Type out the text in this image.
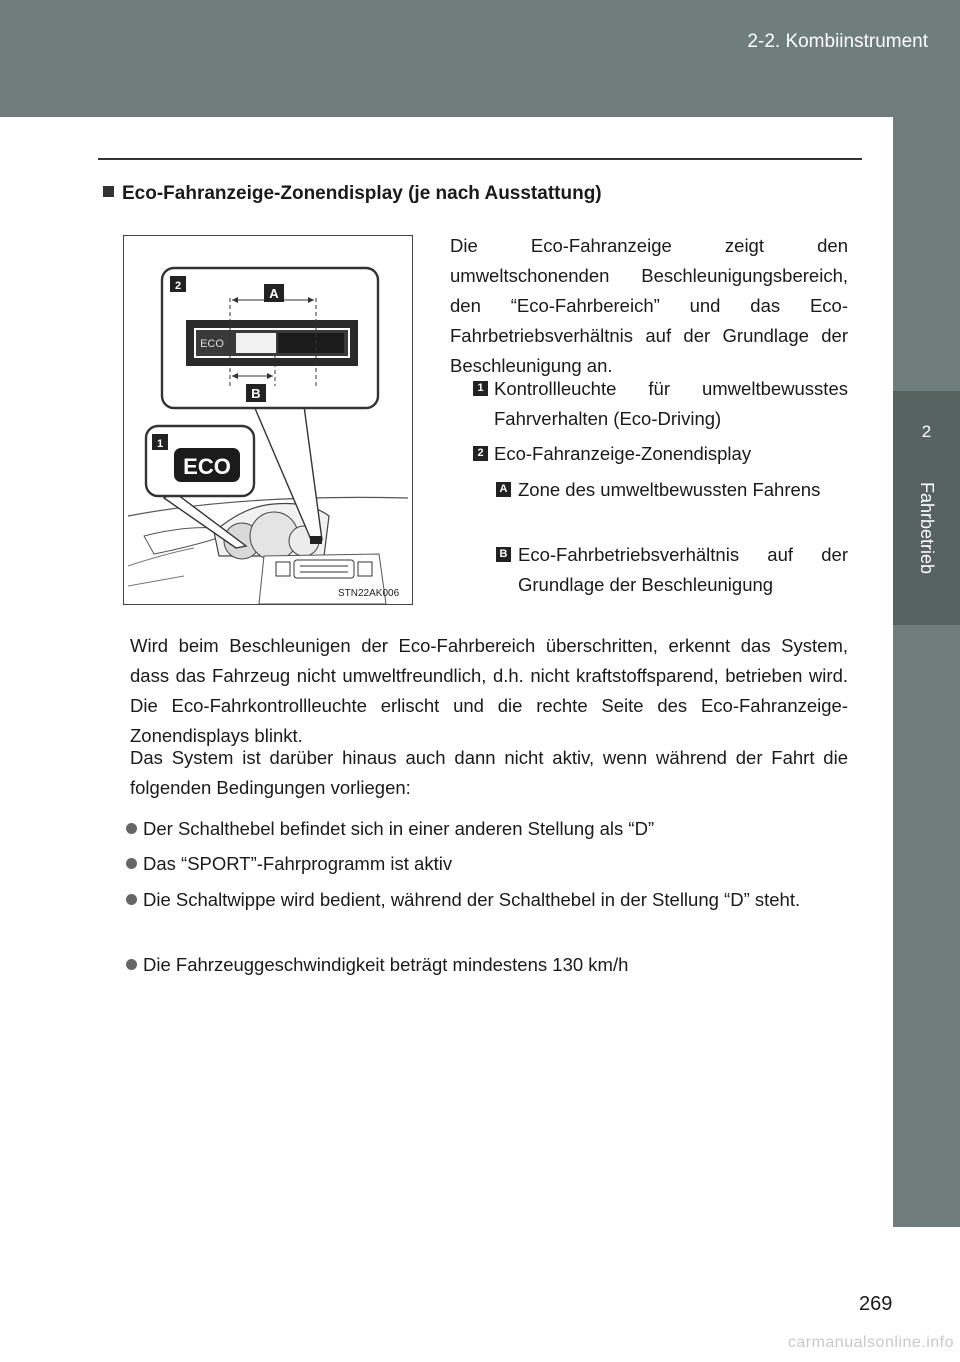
2-2. Kombiinstrument
2
Fahrbetrieb
Eco-Fahranzeige-Zonendisplay (je nach Ausstattung)
2	A
B
1
ECO
ECO
STN22AK006
Die Eco-Fahranzeige zeigt den umweltschonenden Beschleunigungsbereich, den “Eco-Fahrbereich” und das Eco-Fahrbetriebsverhältnis auf der Grundlage der Beschleunigung an.
1 Kontrollleuchte für umweltbewusstes Fahrverhalten (Eco-Driving)
2 Eco-Fahranzeige-Zonendisplay
A Zone des umweltbewussten Fahrens
B Eco-Fahrbetriebsverhältnis auf der Grundlage der Beschleunigung
Wird beim Beschleunigen der Eco-Fahrbereich überschritten, erkennt das System, dass das Fahrzeug nicht umweltfreundlich, d.h. nicht kraftstoffsparend, betrieben wird. Die Eco-Fahrkontrollleuchte erlischt und die rechte Seite des Eco-Fahranzeige-Zonendisplays blinkt.
Das System ist darüber hinaus auch dann nicht aktiv, wenn während der Fahrt die folgenden Bedingungen vorliegen:
Der Schalthebel befindet sich in einer anderen Stellung als “D”
Das “SPORT”-Fahrprogramm ist aktiv
Die Schaltwippe wird bedient, während der Schalthebel in der Stellung “D” steht.
Die Fahrzeuggeschwindigkeit beträgt mindestens 130 km/h
269
carmanualsonline.info
